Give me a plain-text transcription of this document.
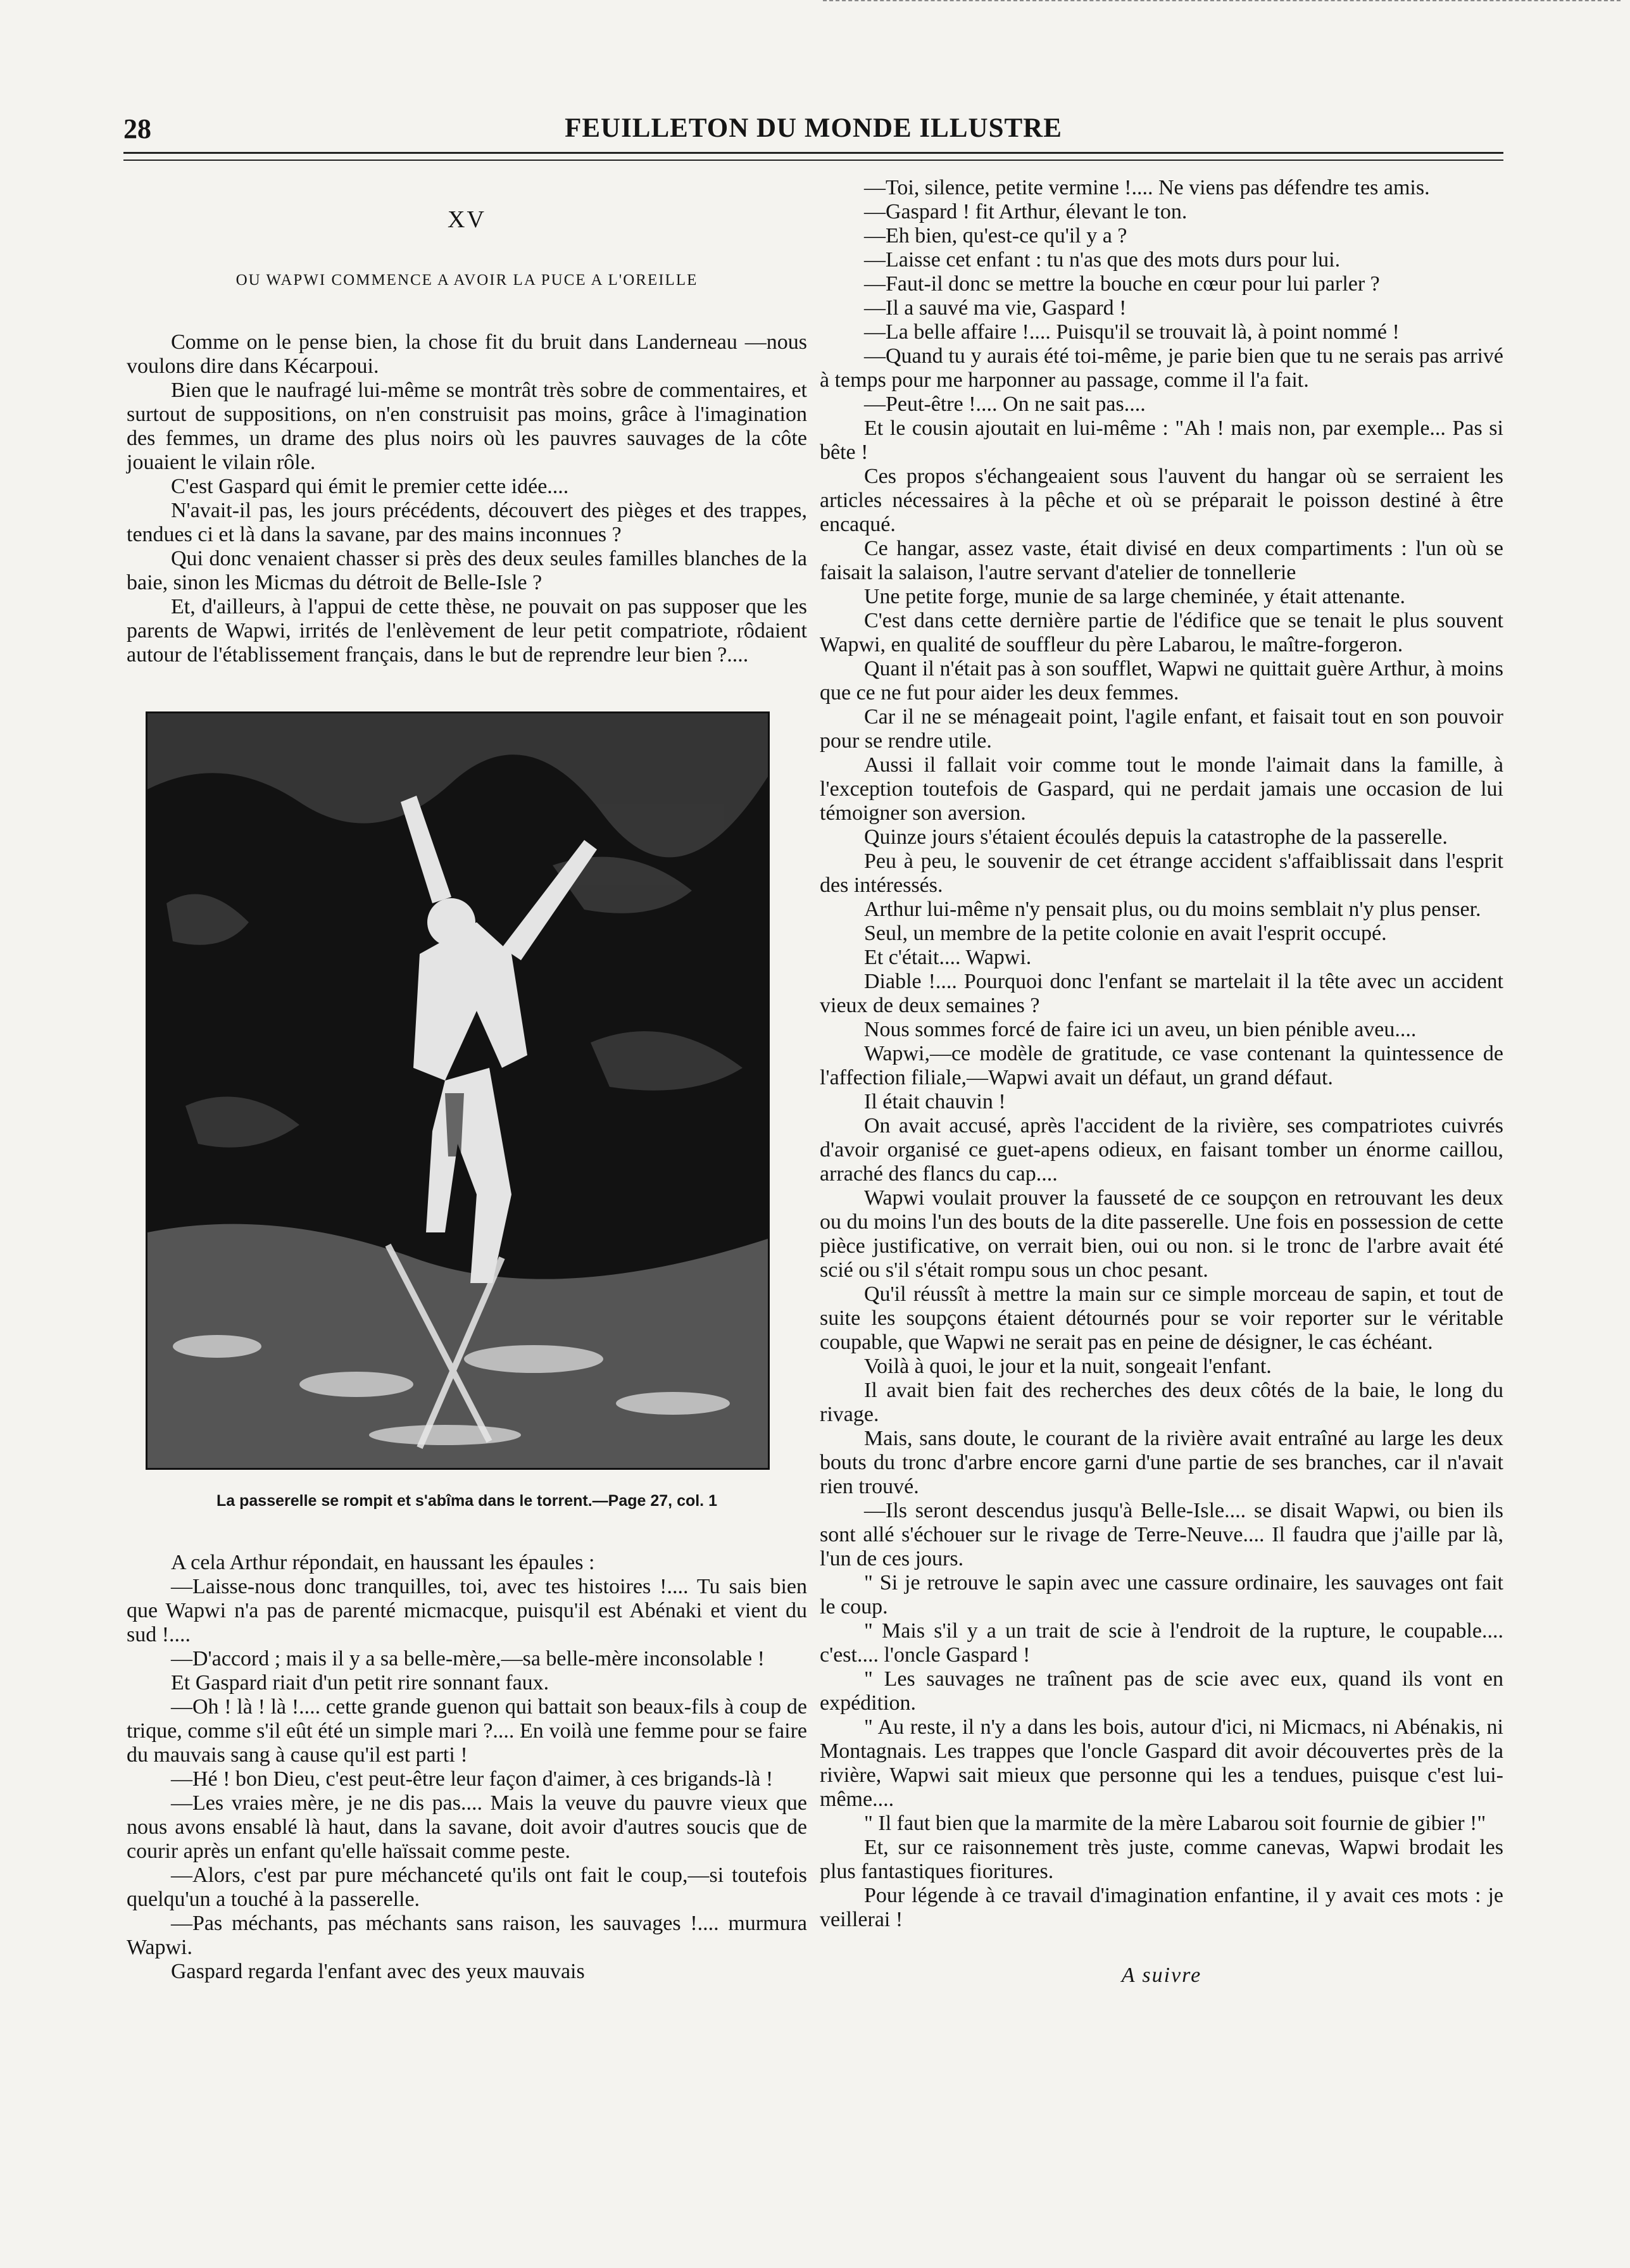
28	FEUILLETON DU MONDE ILLUSTRE
XV
OU WAPWI COMMENCE A AVOIR LA PUCE A L'OREILLE

Comme on le pense bien, la chose fit du bruit dans Landerneau —nous voulons dire dans Kécarpoui.

Bien que le naufragé lui-même se montrât très sobre de commentaires, et surtout de suppositions, on n'en construisit pas moins, grâce à l'imagination des femmes, un drame des plus noirs où les pauvres sauvages de la côte jouaient le vilain rôle.

C'est Gaspard qui émit le premier cette idée....

N'avait-il pas, les jours précédents, découvert des pièges et des trappes, tendues ci et là dans la savane, par des mains inconnues ?

Qui donc venaient chasser si près des deux seules familles blanches de la baie, sinon les Micmas du détroit de Belle-Isle ?

Et, d'ailleurs, à l'appui de cette thèse, ne pouvait on pas supposer que les parents de Wapwi, irrités de l'enlèvement de leur petit compatriote, rôdaient autour de l'établissement français, dans le but de reprendre leur bien ?....

La passerelle se rompit et s'abîma dans le torrent.—Page 27, col. 1

A cela Arthur répondait, en haussant les épaules :

—Laisse-nous donc tranquilles, toi, avec tes histoires !.... Tu sais bien que Wapwi n'a pas de parenté micmacque, puisqu'il est Abénaki et vient du sud !....

—D'accord ; mais il y a sa belle-mère,—sa belle-mère inconsolable !

Et Gaspard riait d'un petit rire sonnant faux.

—Oh ! là ! là !.... cette grande guenon qui battait son beaux-fils à coup de trique, comme s'il eût été un simple mari ?.... En voilà une femme pour se faire du mauvais sang à cause qu'il est parti !

—Hé ! bon Dieu, c'est peut-être leur façon d'aimer, à ces brigands-là !

—Les vraies mère, je ne dis pas.... Mais la veuve du pauvre vieux que nous avons ensablé là haut, dans la savane, doit avoir d'autres soucis que de courir après un enfant qu'elle haïssait comme peste.

—Alors, c'est par pure méchanceté qu'ils ont fait le coup,—si toutefois quelqu'un a touché à la passerelle.

—Pas méchants, pas méchants sans raison, les sauvages !.... murmura Wapwi.

Gaspard regarda l'enfant avec des yeux mauvais

—Toi, silence, petite vermine !.... Ne viens pas défendre tes amis.

—Gaspard ! fit Arthur, élevant le ton.

—Eh bien, qu'est-ce qu'il y a ?

—Laisse cet enfant : tu n'as que des mots durs pour lui.

—Faut-il donc se mettre la bouche en cœur pour lui parler ?

—Il a sauvé ma vie, Gaspard !

—La belle affaire !.... Puisqu'il se trouvait là, à point nommé !

—Quand tu y aurais été toi-même, je parie bien que tu ne serais pas arrivé à temps pour me harponner au passage, comme il l'a fait.

—Peut-être !.... On ne sait pas....

Et le cousin ajoutait en lui-même : "Ah ! mais non, par exemple... Pas si bête !

Ces propos s'échangeaient sous l'auvent du hangar où se serraient les articles nécessaires à la pêche et où se préparait le poisson destiné à être encaqué.

Ce hangar, assez vaste, était divisé en deux compartiments : l'un où se faisait la salaison, l'autre servant d'atelier de tonnellerie

Une petite forge, munie de sa large cheminée, y était attenante.

C'est dans cette dernière partie de l'édifice que se tenait le plus souvent Wapwi, en qualité de souffleur du père Labarou, le maître-forgeron.

Quant il n'était pas à son soufflet, Wapwi ne quittait guère Arthur, à moins que ce ne fut pour aider les deux femmes.

Car il ne se ménageait point, l'agile enfant, et faisait tout en son pouvoir pour se rendre utile.

Aussi il fallait voir comme tout le monde l'aimait dans la famille, à l'exception toutefois de Gaspard, qui ne perdait jamais une occasion de lui témoigner son aversion.

Quinze jours s'étaient écoulés depuis la catastrophe de la passerelle.

Peu à peu, le souvenir de cet étrange accident s'affaiblissait dans l'esprit des intéressés.

Arthur lui-même n'y pensait plus, ou du moins semblait n'y plus penser.

Seul, un membre de la petite colonie en avait l'esprit occupé.

Et c'était.... Wapwi.

Diable !.... Pourquoi donc l'enfant se martelait il la tête avec un accident vieux de deux semaines ?

Nous sommes forcé de faire ici un aveu, un bien pénible aveu....

Wapwi,—ce modèle de gratitude, ce vase contenant la quintessence de l'affection filiale,—Wapwi avait un défaut, un grand défaut.

Il était chauvin !

On avait accusé, après l'accident de la rivière, ses compatriotes cuivrés d'avoir organisé ce guet-apens odieux, en faisant tomber un énorme caillou, arraché des flancs du cap....

Wapwi voulait prouver la fausseté de ce soupçon en retrouvant les deux ou du moins l'un des bouts de la dite passerelle. Une fois en possession de cette pièce justificative, on verrait bien, oui ou non. si le tronc de l'arbre avait été scié ou s'il s'était rompu sous un choc pesant.

Qu'il réussît à mettre la main sur ce simple morceau de sapin, et tout de suite les soupçons étaient détournés pour se voir reporter sur le véritable coupable, que Wapwi ne serait pas en peine de désigner, le cas échéant.

Voilà à quoi, le jour et la nuit, songeait l'enfant.

Il avait bien fait des recherches des deux côtés de la baie, le long du rivage.

Mais, sans doute, le courant de la rivière avait entraîné au large les deux bouts du tronc d'arbre encore garni d'une partie de ses branches, car il n'avait rien trouvé.

—Ils seront descendus jusqu'à Belle-Isle.... se disait Wapwi, ou bien ils sont allé s'échouer sur le rivage de Terre-Neuve.... Il faudra que j'aille par là, l'un de ces jours.

" Si je retrouve le sapin avec une cassure ordinaire, les sauvages ont fait le coup.

" Mais s'il y a un trait de scie à l'endroit de la rupture, le coupable.... c'est.... l'oncle Gaspard !

" Les sauvages ne traînent pas de scie avec eux, quand ils vont en expédition.

" Au reste, il n'y a dans les bois, autour d'ici, ni Micmacs, ni Abénakis, ni Montagnais. Les trappes que l'oncle Gaspard dit avoir découvertes près de la rivière, Wapwi sait mieux que personne qui les a tendues, puisque c'est lui-même....

" Il faut bien que la marmite de la mère Labarou soit fournie de gibier !"

Et, sur ce raisonnement très juste, comme canevas, Wapwi brodait les plus fantastiques fioritures.

Pour légende à ce travail d'imagination enfantine, il y avait ces mots : je veillerai !

A suivre
